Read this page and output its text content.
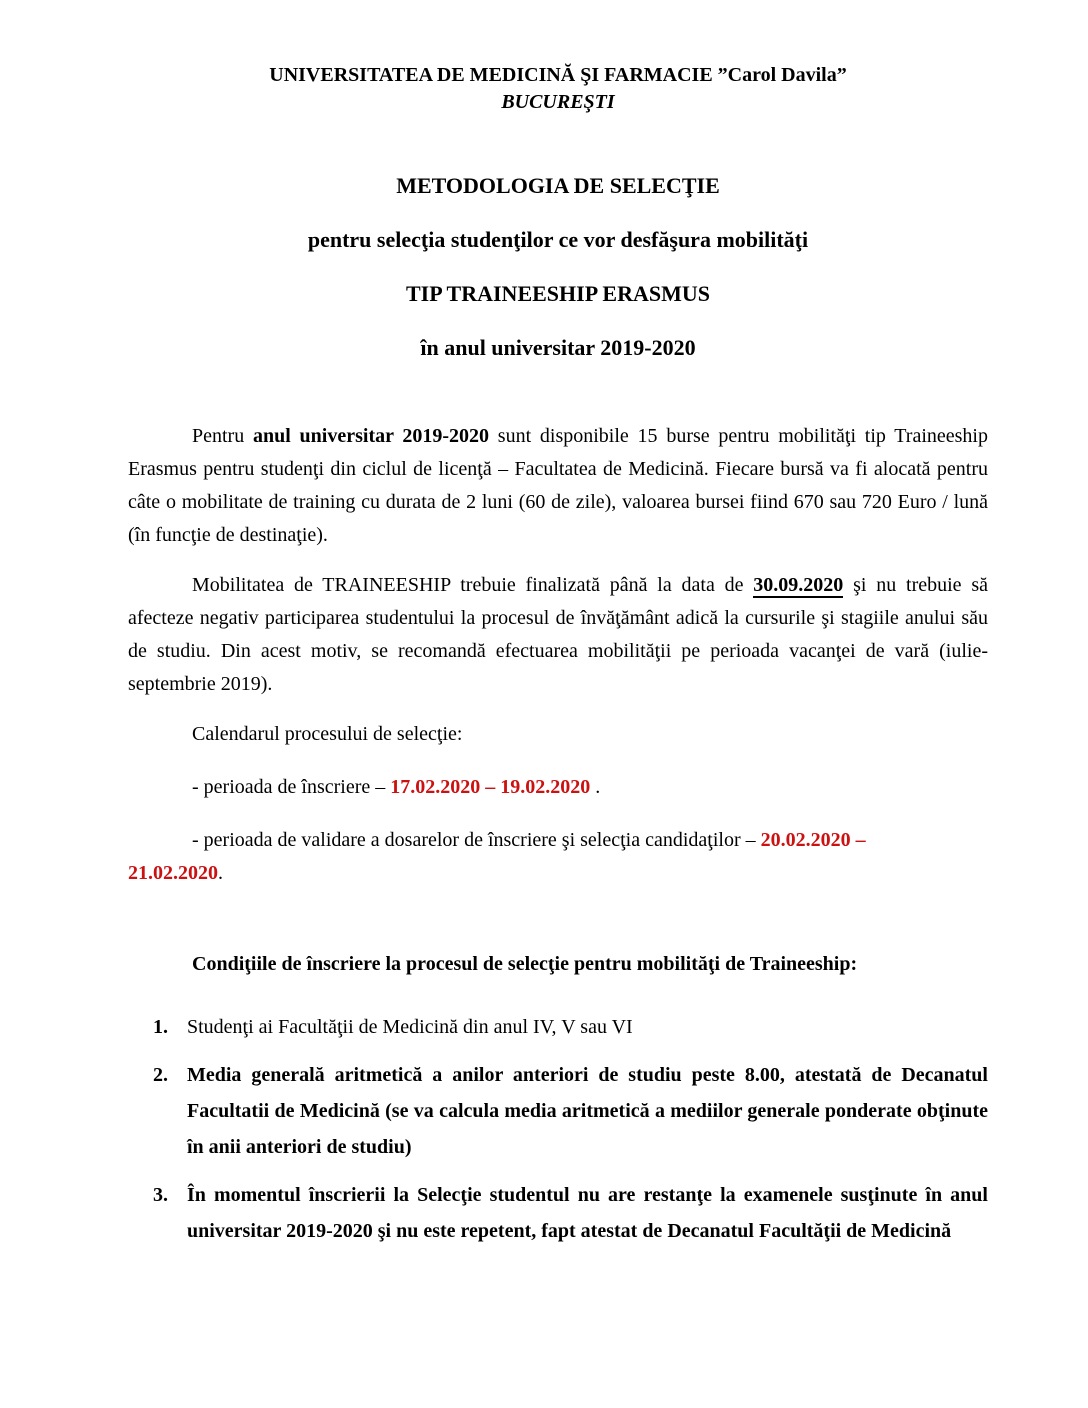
UNIVERSITATEA DE MEDICINĂ ŞI FARMACIE ”Carol Davila”
BUCUREŞTI
METODOLOGIA DE SELECŢIE
pentru selecţia studenţilor ce vor desfăşura mobilităţi
TIP TRAINEESHIP ERASMUS
în anul universitar 2019-2020

Pentru anul universitar 2019-2020 sunt disponibile 15 burse pentru mobilităţi tip Traineeship Erasmus pentru studenţi din ciclul de licenţă – Facultatea de Medicină. Fiecare bursă va fi alocată pentru câte o mobilitate de training cu durata de 2 luni (60 de zile), valoarea bursei fiind 670 sau 720 Euro / lună (în funcţie de destinaţie).

Mobilitatea de TRAINEESHIP trebuie finalizată până la data de 30.09.2020 şi nu trebuie să afecteze negativ participarea studentului la procesul de învăţământ adică la cursurile şi stagiile anului său de studiu. Din acest motiv, se recomandă efectuarea mobilităţii pe perioada vacanţei de vară (iulie-septembrie 2019).

Calendarul procesului de selecţie:

- perioada de înscriere – 17.02.2020 – 19.02.2020 .

- perioada de validare a dosarelor de înscriere şi selecţia candidaţilor – 20.02.2020 –

21.02.2020.

Condiţiile de înscriere la procesul de selecţie pentru mobilităţi de Traineeship:

1. Studenţi ai Facultăţii de Medicină din anul IV, V sau VI
2. Media generală aritmetică a anilor anteriori de studiu peste 8.00, atestată de Decanatul Facultatii de Medicină (se va calcula media aritmetică a mediilor generale ponderate obţinute în anii anteriori de studiu)
3. În momentul înscrierii la Selecţie studentul nu are restanţe la examenele susţinute în anul universitar 2019-2020 şi nu este repetent, fapt atestat de Decanatul Facultăţii de Medicină
